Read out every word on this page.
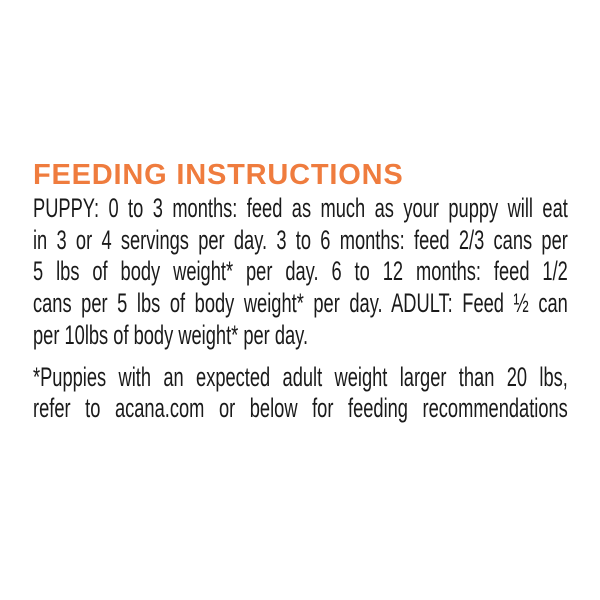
FEEDING INSTRUCTIONS
PUPPY: 0 to 3 months: feed as much as your puppy will eat
in 3 or 4 servings per day. 3 to 6 months: feed 2/3 cans per
5 lbs of body weight* per day. 6 to 12 months: feed 1/2
cans per 5 lbs of body weight* per day. ADULT: Feed ½ can
per 10lbs of body weight* per day.
*Puppies with an expected adult weight larger than 20 lbs,
refer to acana.com or below for feeding recommendations
